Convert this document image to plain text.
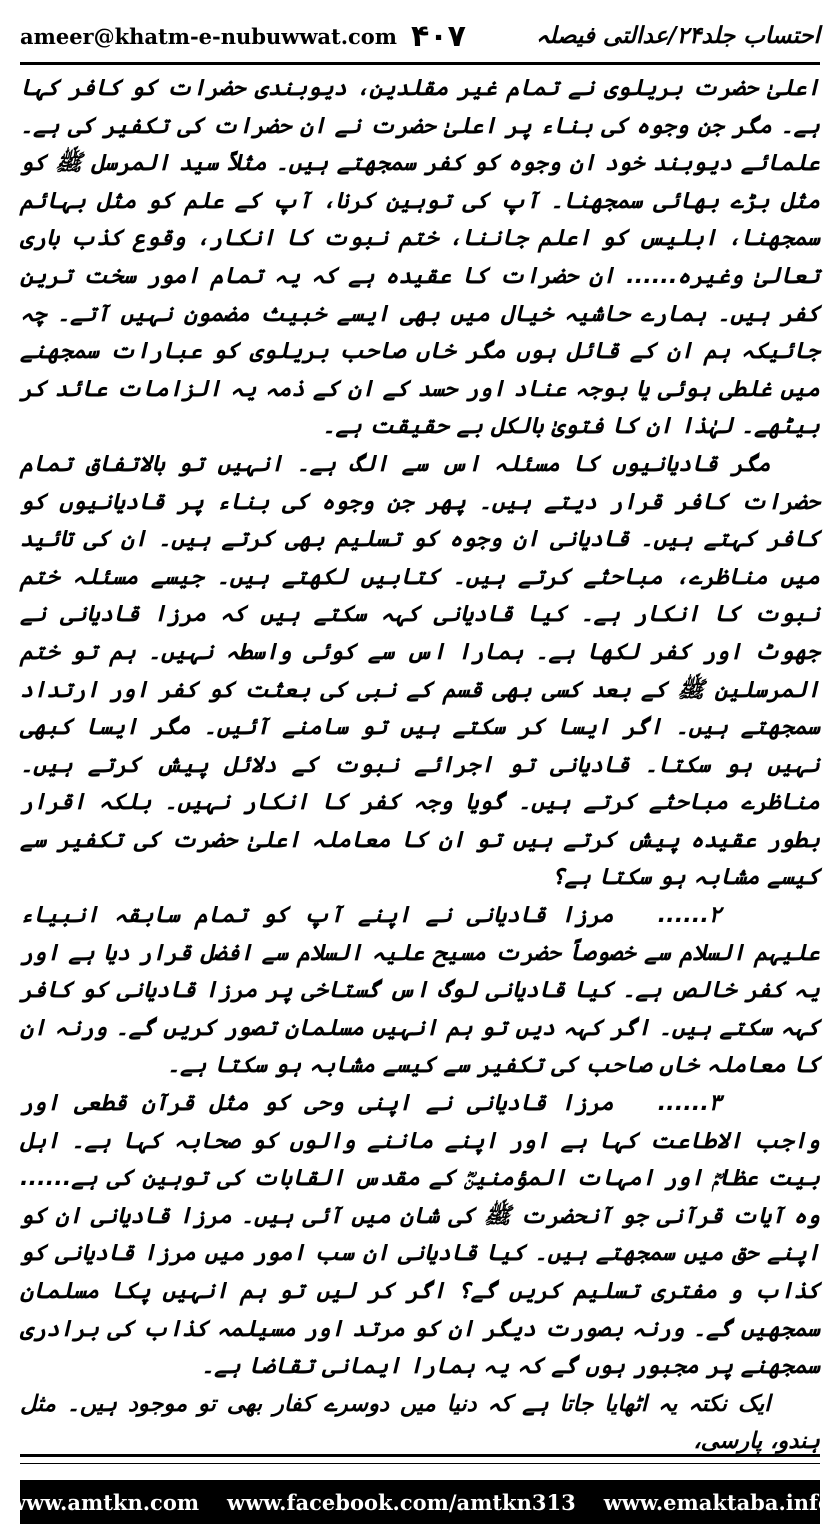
ameer@khatm-e-nubuwwat.com ۴۰۷	احتساب جلد۲۴/عدالتی فیصلہ

اعلیٰ حضرت بریلوی نے تمام غیر مقلدین، دیوبندی حضرات کو کافر کہا ہے۔ مگر جن وجوہ کی بناء پر اعلیٰ حضرت نے ان حضرات کی تکفیر کی ہے۔ علمائے دیوبند خود ان وجوہ کو کفر سمجھتے ہیں۔ مثلاً سید المرسل ﷺ کو مثل بڑے بھائی سمجھنا۔ آپ کی توہین کرنا، آپ کے علم کو مثل بہائم سمجھنا، ابلیس کو اعلم جاننا، ختم نبوت کا انکار، وقوع کذب باری تعالیٰ وغیرہ...... ان حضرات کا عقیدہ ہے کہ یہ تمام امور سخت ترین کفر ہیں۔ ہمارے حاشیہ خیال میں بھی ایسے خبیث مضمون نہیں آتے۔ چہ جائیکہ ہم ان کے قائل ہوں مگر خاں صاحب بریلوی کو عبارات سمجھنے میں غلطی ہوئی یا بوجہ عناد اور حسد کے ان کے ذمہ یہ الزامات عائد کر بیٹھے۔ لہٰذا ان کا فتویٰ بالکل بے حقیقت ہے۔

مگر قادیانیوں کا مسئلہ اس سے الگ ہے۔ انہیں تو بالاتفاق تمام حضرات کافر قرار دیتے ہیں۔ پھر جن وجوہ کی بناء پر قادیانیوں کو کافر کہتے ہیں۔ قادیانی ان وجوہ کو تسلیم بھی کرتے ہیں۔ ان کی تائید میں مناظرے، مباحثے کرتے ہیں۔ کتابیں لکھتے ہیں۔ جیسے مسئلہ ختم نبوت کا انکار ہے۔ کیا قادیانی کہہ سکتے ہیں کہ مرزا قادیانی نے جھوٹ اور کفر لکھا ہے۔ ہمارا اس سے کوئی واسطہ نہیں۔ ہم تو ختم المرسلین ﷺ کے بعد کسی بھی قسم کے نبی کی بعثت کو کفر اور ارتداد سمجھتے ہیں۔ اگر ایسا کر سکتے ہیں تو سامنے آئیں۔ مگر ایسا کبھی نہیں ہو سکتا۔ قادیانی تو اجرائے نبوت کے دلائل پیش کرتے ہیں۔ مناظرے مباحثے کرتے ہیں۔ گویا وجہ کفر کا انکار نہیں۔ بلکہ اقرار بطور عقیدہ پیش کرتے ہیں تو ان کا معاملہ اعلیٰ حضرت کی تکفیر سے کیسے مشابہ ہو سکتا ہے؟

۲......مرزا قادیانی نے اپنے آپ کو تمام سابقہ انبیاء علیہم السلام سے خصوصاً حضرت مسیح علیہ السلام سے افضل قرار دیا ہے اور یہ کفر خالص ہے۔ کیا قادیانی لوگ اس گستاخی پر مرزا قادیانی کو کافر کہہ سکتے ہیں۔ اگر کہہ دیں تو ہم انہیں مسلمان تصور کریں گے۔ ورنہ ان کا معاملہ خاں صاحب کی تکفیر سے کیسے مشابہ ہو سکتا ہے۔

۳......مرزا قادیانی نے اپنی وحی کو مثل قرآن قطعی اور واجب الاطاعت کہا ہے اور اپنے ماننے والوں کو صحابہ کہا ہے۔ اہل بیت عظامؓ اور امہات المؤمنینؓ کے مقدس القابات کی توہین کی ہے...... وہ آیات قرآنی جو آنحضرت ﷺ کی شان میں آئی ہیں۔ مرزا قادیانی ان کو اپنے حق میں سمجھتے ہیں۔ کیا قادیانی ان سب امور میں مرزا قادیانی کو کذاب و مفتری تسلیم کریں گے؟ اگر کر لیں تو ہم انہیں پکا مسلمان سمجھیں گے۔ ورنہ بصورت دیگر ان کو مرتد اور مسیلمہ کذاب کی برادری سمجھنے پر مجبور ہوں گے کہ یہ ہمارا ایمانی تقاضا ہے۔

ایک نکتہ یہ اٹھایا جاتا ہے کہ دنیا میں دوسرے کفار بھی تو موجود ہیں۔ مثل ہندو، پارسی،

www.amtkn.com www.facebook.com/amtkn313 www.emaktaba.info
